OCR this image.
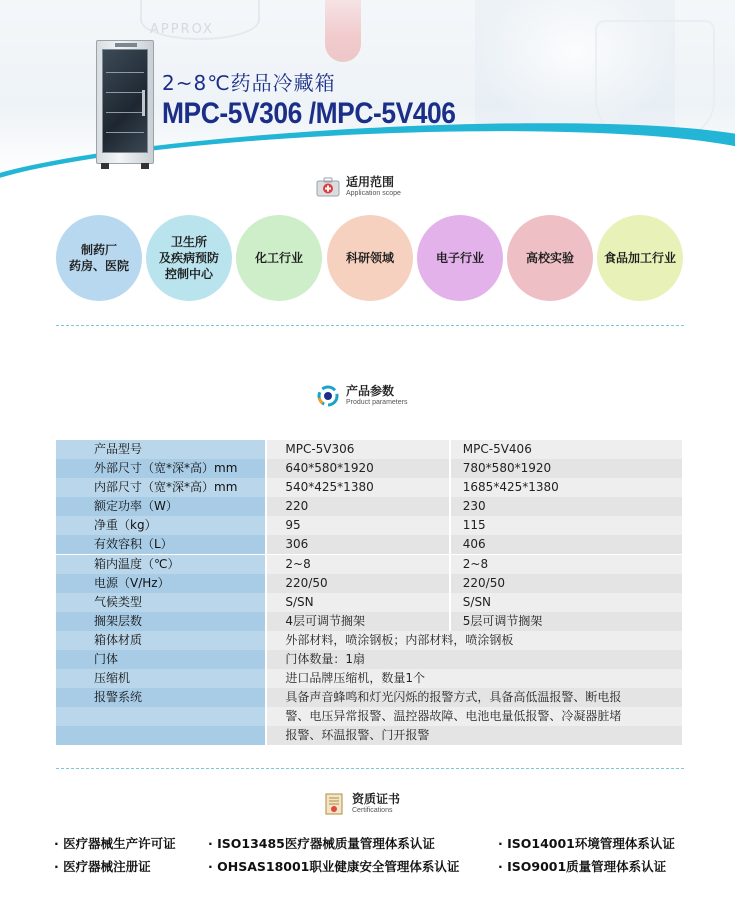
APPROX
2~8℃药品冷藏箱
MPC-5V306 /MPC-5V406
适用范围
Application scope
制药厂
药房、医院
卫生所
及疾病预防
控制中心
化工行业	科研领域	电子行业	高校实验	食品加工行业
产品参数
Product parameters
产品型号	MPC-5V306	MPC-5V406
外部尺寸（宽*深*高）mm	640*580*1920	780*580*1920
内部尺寸（宽*深*高）mm	540*425*1380	1685*425*1380
额定功率（W）	220	230
净重（kg）	95	115
有效容积（L）	306	406
箱内温度（℃）	2~8	2~8
电源（V/Hz）	220/50	220/50
气候类型	S/SN	S/SN
搁架层数	4层可调节搁架	5层可调节搁架
箱体材质	外部材料，喷涂钢板；内部材料，喷涂钢板
门体	门体数量：1扇
压缩机	进口品牌压缩机，数量1个
报警系统	具备声音蜂鸣和灯光闪烁的报警方式，具备高低温报警、断电报
警、电压异常报警、温控器故障、电池电量低报警、冷凝器脏堵
报警、环温报警、门开报警
资质证书
Certifications
· 医疗器械生产许可证	· ISO13485医疗器械质量管理体系认证	· ISO14001环境管理体系认证
· 医疗器械注册证	· OHSAS18001职业健康安全管理体系认证	· ISO9001质量管理体系认证
